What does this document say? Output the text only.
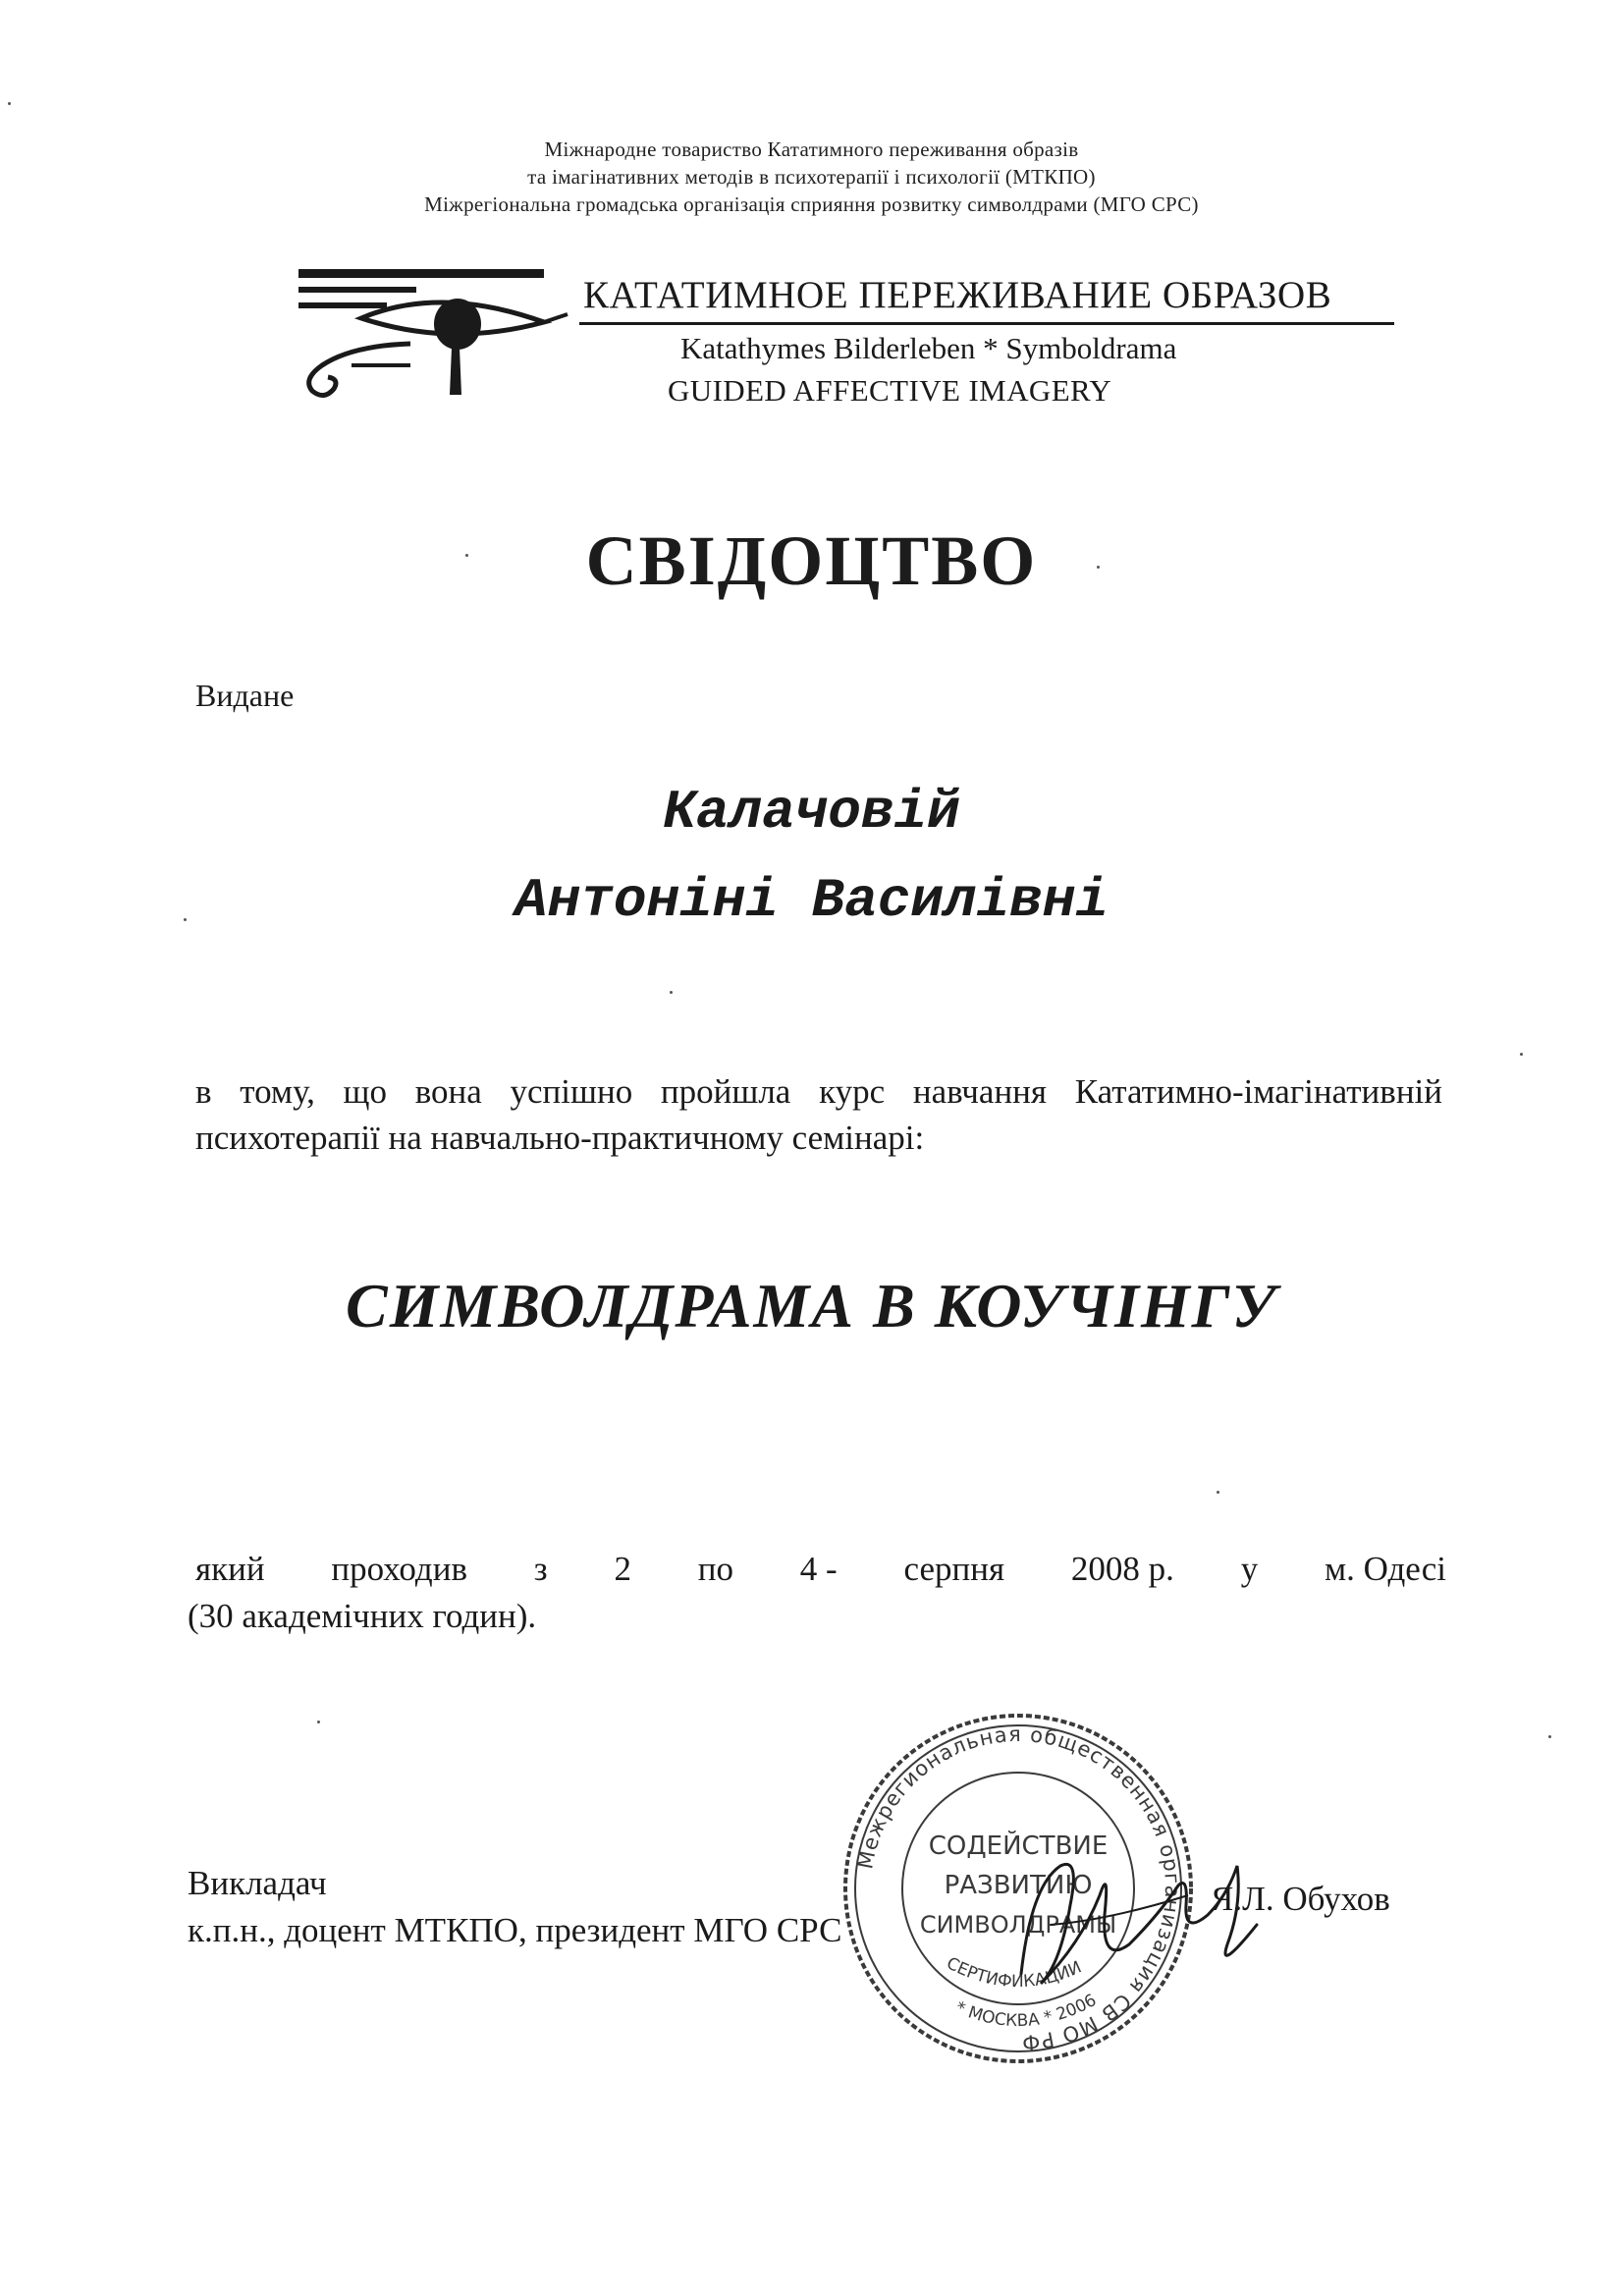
Міжнародне товариство Кататимного переживання образів
та імагінативних методів в психотерапії і психології (МТКПО)
Міжрегіональна громадська організація сприяння розвитку символдрами (МГО СРС)
КАТАТИМНОЕ ПЕРЕЖИВАНИЕ ОБРАЗОВ
Katathymes Bilderleben * Symboldrama
GUIDED AFFECTIVE IMAGERY
СВІДОЦТВО
Видане
Калачовій
Антоніні Василівні
в тому, що вона успішно пройшла курс навчання Кататимно-імагінативній психотерапії на навчально-практичному семінарі:
СИМВОЛДРАМА В КОУЧІНГУ
який проходив з 2 по 4 - серпня 2008 р. у м. Одесі
(30 академічних годин).
Викладач
к.п.н., доцент МТКПО, президент МГО СРС
Я.Л. Обухов
Межрегиональная общественная организация СВ МО РФ
СОДЕЙСТВИЕ
РАЗВИТИЮ
СИМВОЛДРАМЫ
СЕРТИФИКАЦИИ
* МОСКВА * 2006
